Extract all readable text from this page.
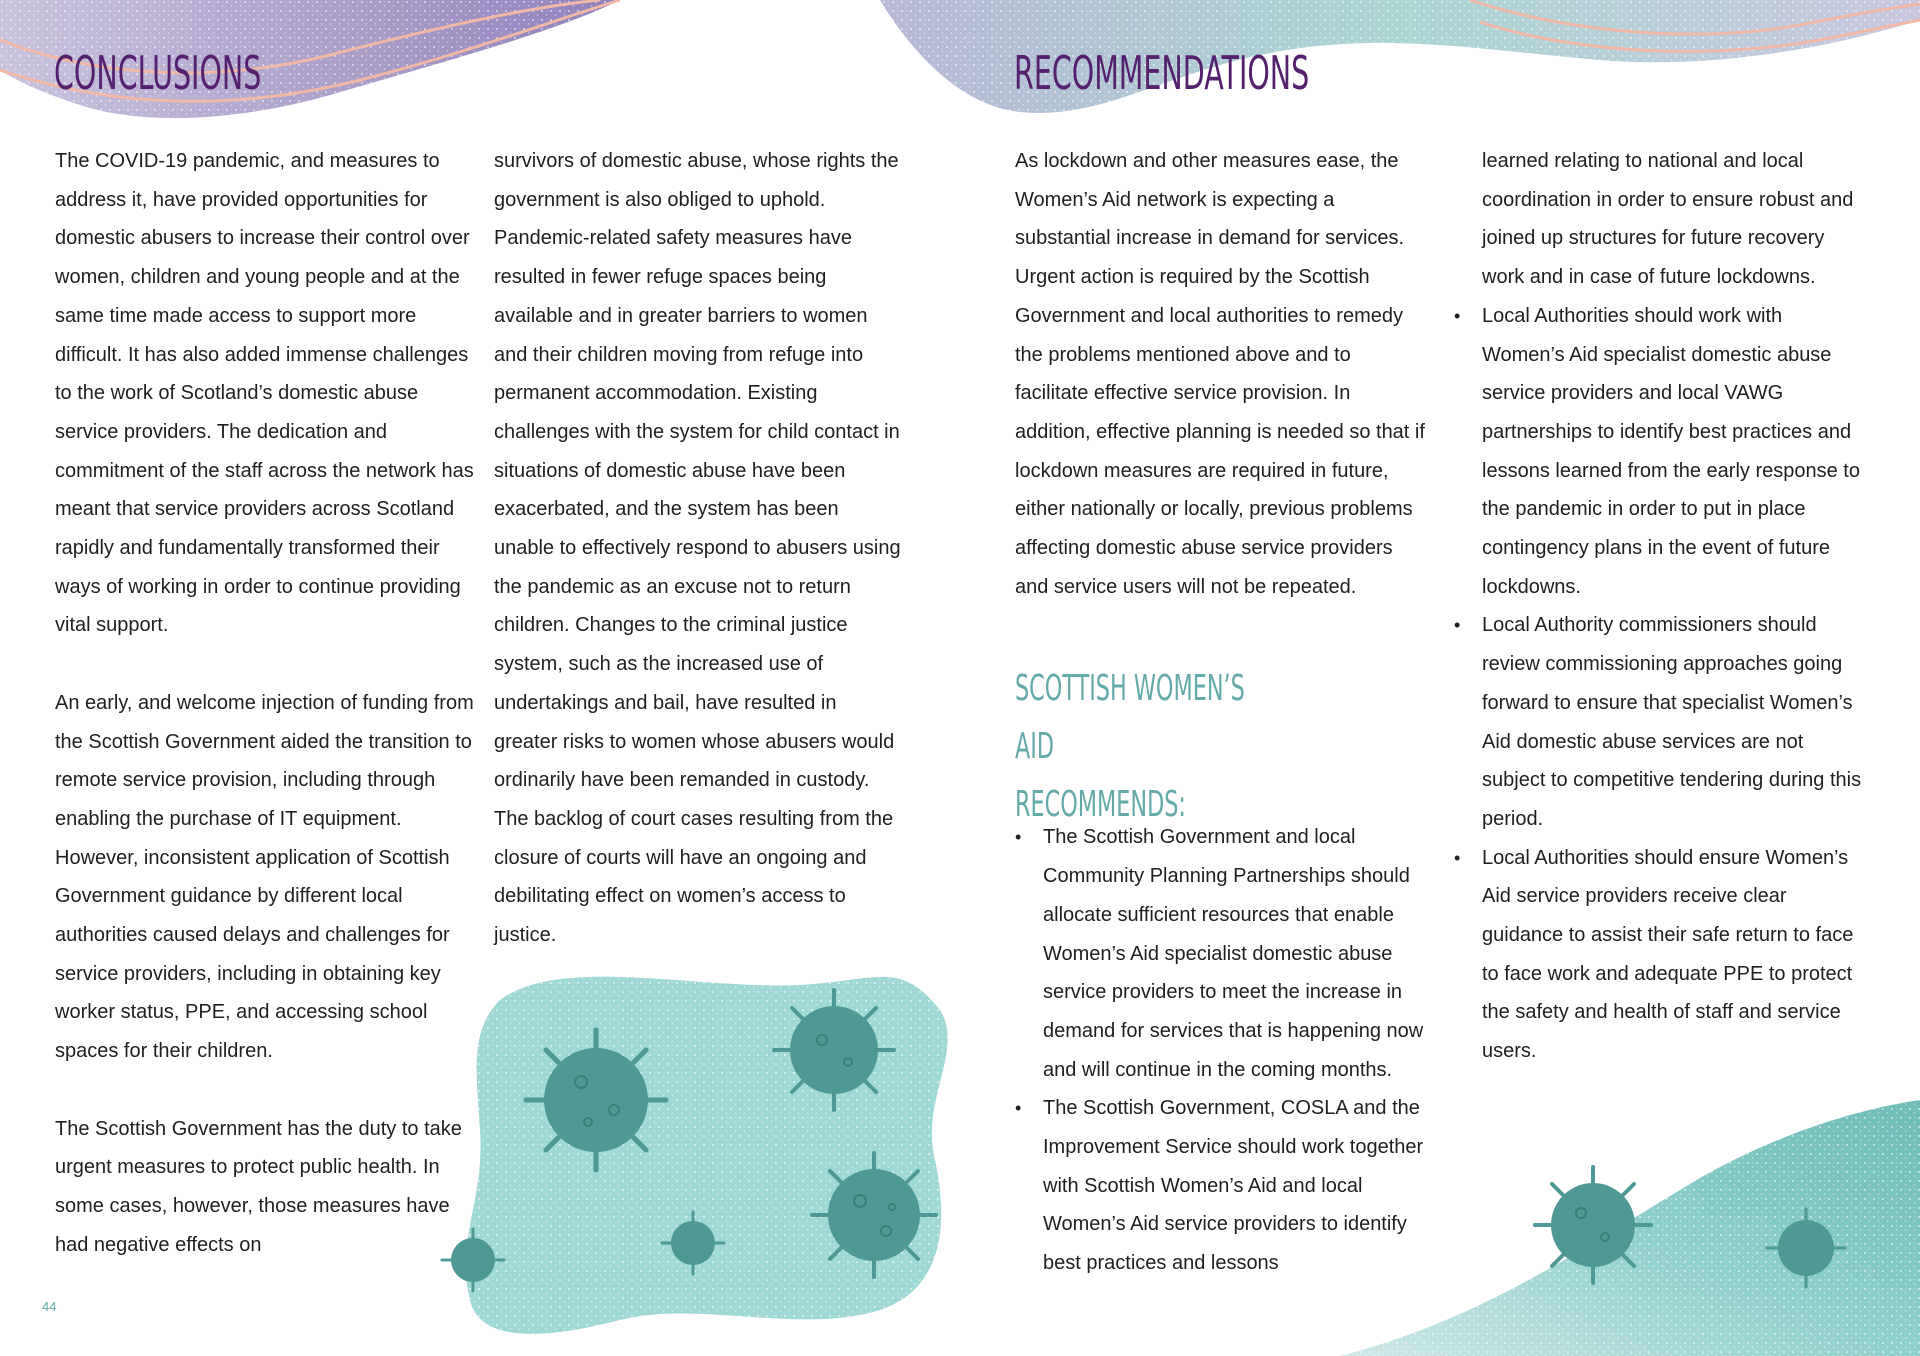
CONCLUSIONS

The COVID-19 pandemic, and measures to address it, have provided opportunities for domestic abusers to increase their control over women, children and young people and at the same time made access to support more difficult. It has also added immense challenges to the work of Scotland’s domestic abuse service providers. The dedication and commitment of the staff across the network has meant that service providers across Scotland rapidly and fundamentally transformed their ways of working in order to continue providing vital support.

An early, and welcome injection of funding from the Scottish Government aided the transition to remote service provision, including through enabling the purchase of IT equipment. However, inconsistent application of Scottish Government guidance by different local authorities caused delays and challenges for service providers, including in obtaining key worker status, PPE, and accessing school spaces for their children.

The Scottish Government has the duty to take urgent measures to protect public health. In some cases, however, those measures have had negative effects on

survivors of domestic abuse, whose rights the government is also obliged to uphold. Pandemic-related safety measures have resulted in fewer refuge spaces being available and in greater barriers to women and their children moving from refuge into permanent accommodation. Existing challenges with the system for child contact in situations of domestic abuse have been exacerbated, and the system has been unable to effectively respond to abusers using the pandemic as an excuse not to return children. Changes to the criminal justice system, such as the increased use of undertakings and bail, have resulted in greater risks to women whose abusers would ordinarily have been remanded in custody. The backlog of court cases resulting from the closure of courts will have an ongoing and debilitating effect on women’s access to justice.

RECOMMENDATIONS

As lockdown and other measures ease, the Women’s Aid network is expecting a substantial increase in demand for services. Urgent action is required by the Scottish Government and local authorities to remedy the problems mentioned above and to facilitate effective service provision. In addition, effective planning is needed so that if lockdown measures are required in future, either nationally or locally, previous problems affecting domestic abuse service providers and service users will not be repeated.

SCOTTISH WOMEN’S AID
RECOMMENDS:
• The Scottish Government and local Community Planning Partnerships should allocate sufficient resources that enable Women’s Aid specialist domestic abuse service providers to meet the increase in demand for services that is happening now and will continue in the coming months.
• The Scottish Government, COSLA and the Improvement Service should work together with Scottish Women’s Aid and local Women’s Aid service providers to identify best practices and lessons

learned relating to national and local coordination in order to ensure robust and joined up structures for future recovery work and in case of future lockdowns.

• Local Authorities should work with Women’s Aid specialist domestic abuse service providers and local VAWG partnerships to identify best practices and lessons learned from the early response to the pandemic in order to put in place contingency plans in the event of future lockdowns.
• Local Authority commissioners should review commissioning approaches going forward to ensure that specialist Women’s Aid domestic abuse services are not subject to competitive tendering during this period.
• Local Authorities should ensure Women’s Aid service providers receive clear guidance to assist their safe return to face to face work and adequate PPE to protect the safety and health of staff and service users.
44
